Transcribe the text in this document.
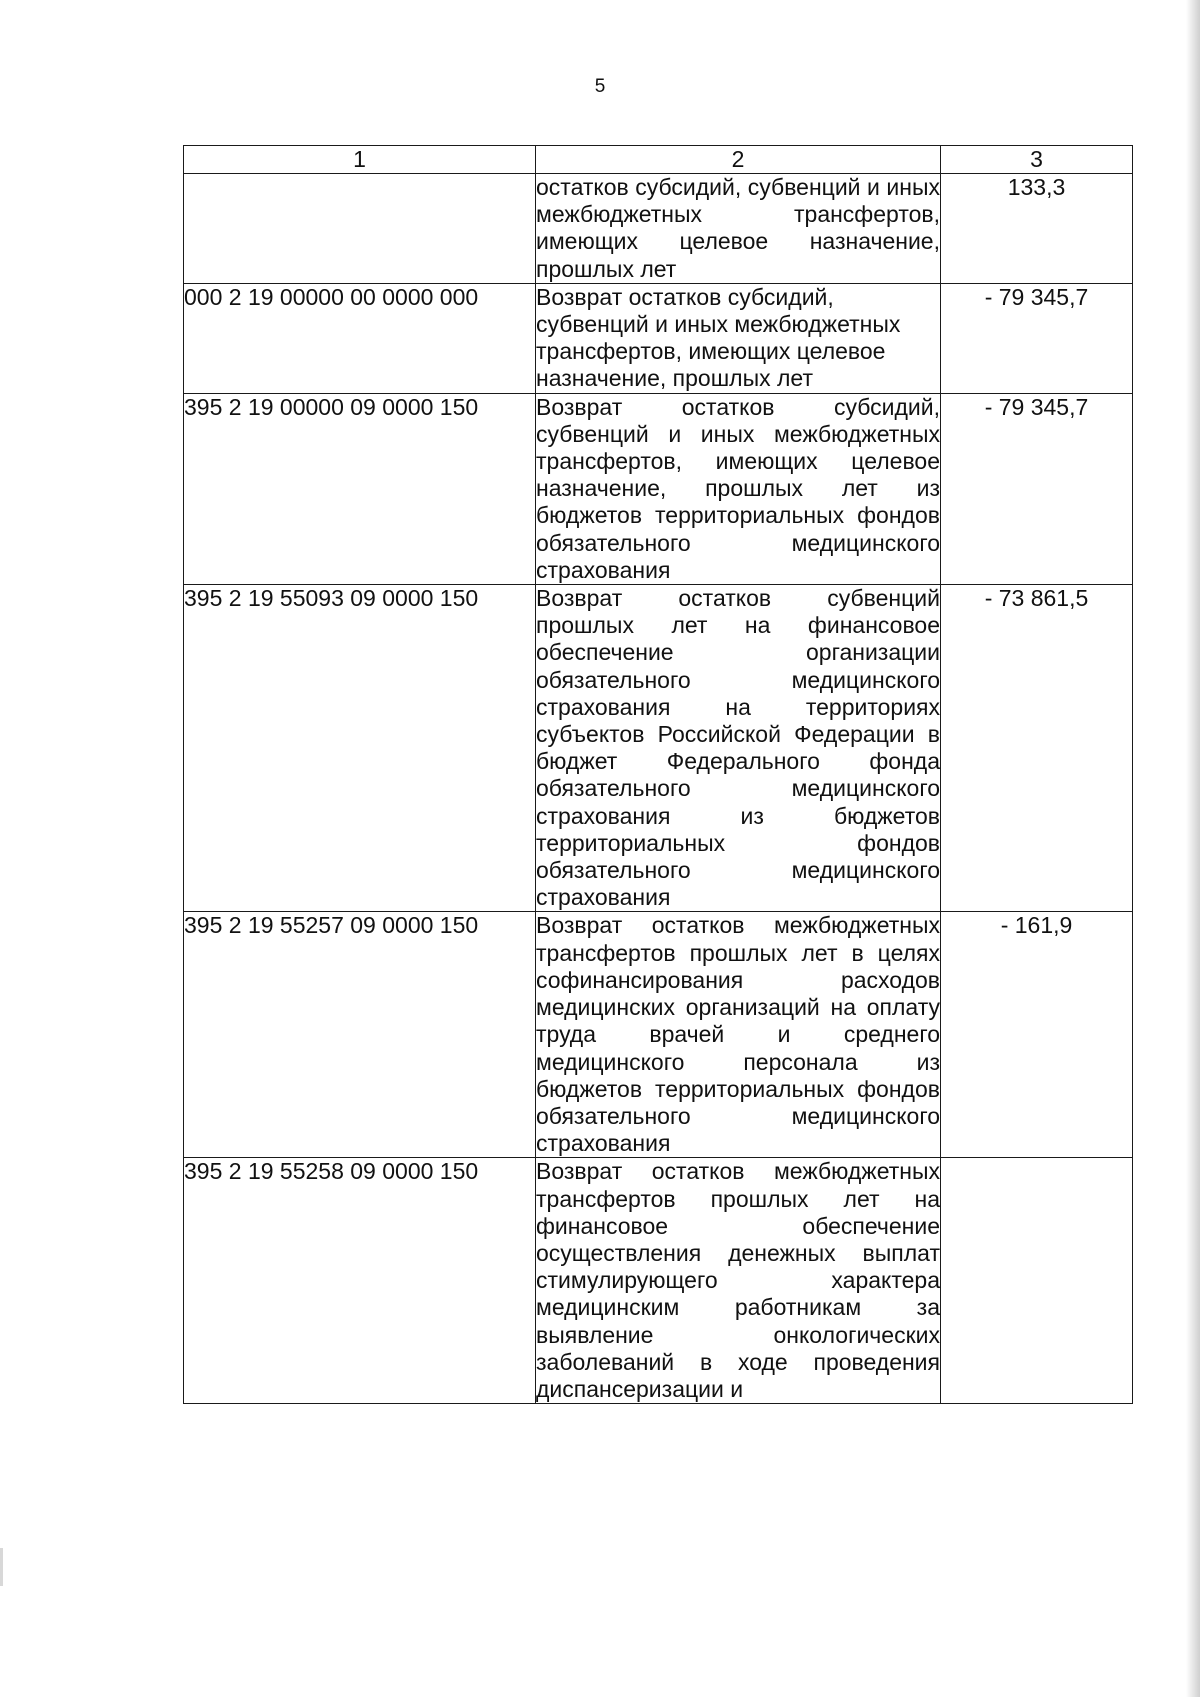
5
1	2	3
	остатков субсидий, субвенций и иных межбюджетных трансфертов, имеющих целевое назначение, прошлых лет	133,3
000 2 19 00000 00 0000 000	Возврат остатков субсидий, субвенций и иных межбюджетных трансфертов, имеющих целевое назначение, прошлых лет	- 79 345,7
395 2 19 00000 09 0000 150	Возврат остатков субсидий, субвенций и иных межбюджетных трансфертов, имеющих целевое назначение, прошлых лет из бюджетов территориальных фондов обязательного медицинского страхования	- 79 345,7
395 2 19 55093 09 0000 150	Возврат остатков субвенций прошлых лет на финансовое обеспечение организации обязательного медицинского страхования на территориях субъектов Российской Федерации в бюджет Федерального фонда обязательного медицинского страхования из бюджетов территориальных фондов обязательного медицинского страхования	- 73 861,5
395 2 19 55257 09 0000 150	Возврат остатков межбюджетных трансфертов прошлых лет в целях софинансирования расходов медицинских организаций на оплату труда врачей и среднего медицинского персонала из бюджетов территориальных фондов обязательного медицинского страхования	- 161,9
395 2 19 55258 09 0000 150	Возврат остатков межбюджетных трансфертов прошлых лет на финансовое обеспечение осуществления денежных выплат стимулирующего характера медицинским работникам за выявление онкологических заболеваний в ходе проведения диспансеризации и	
